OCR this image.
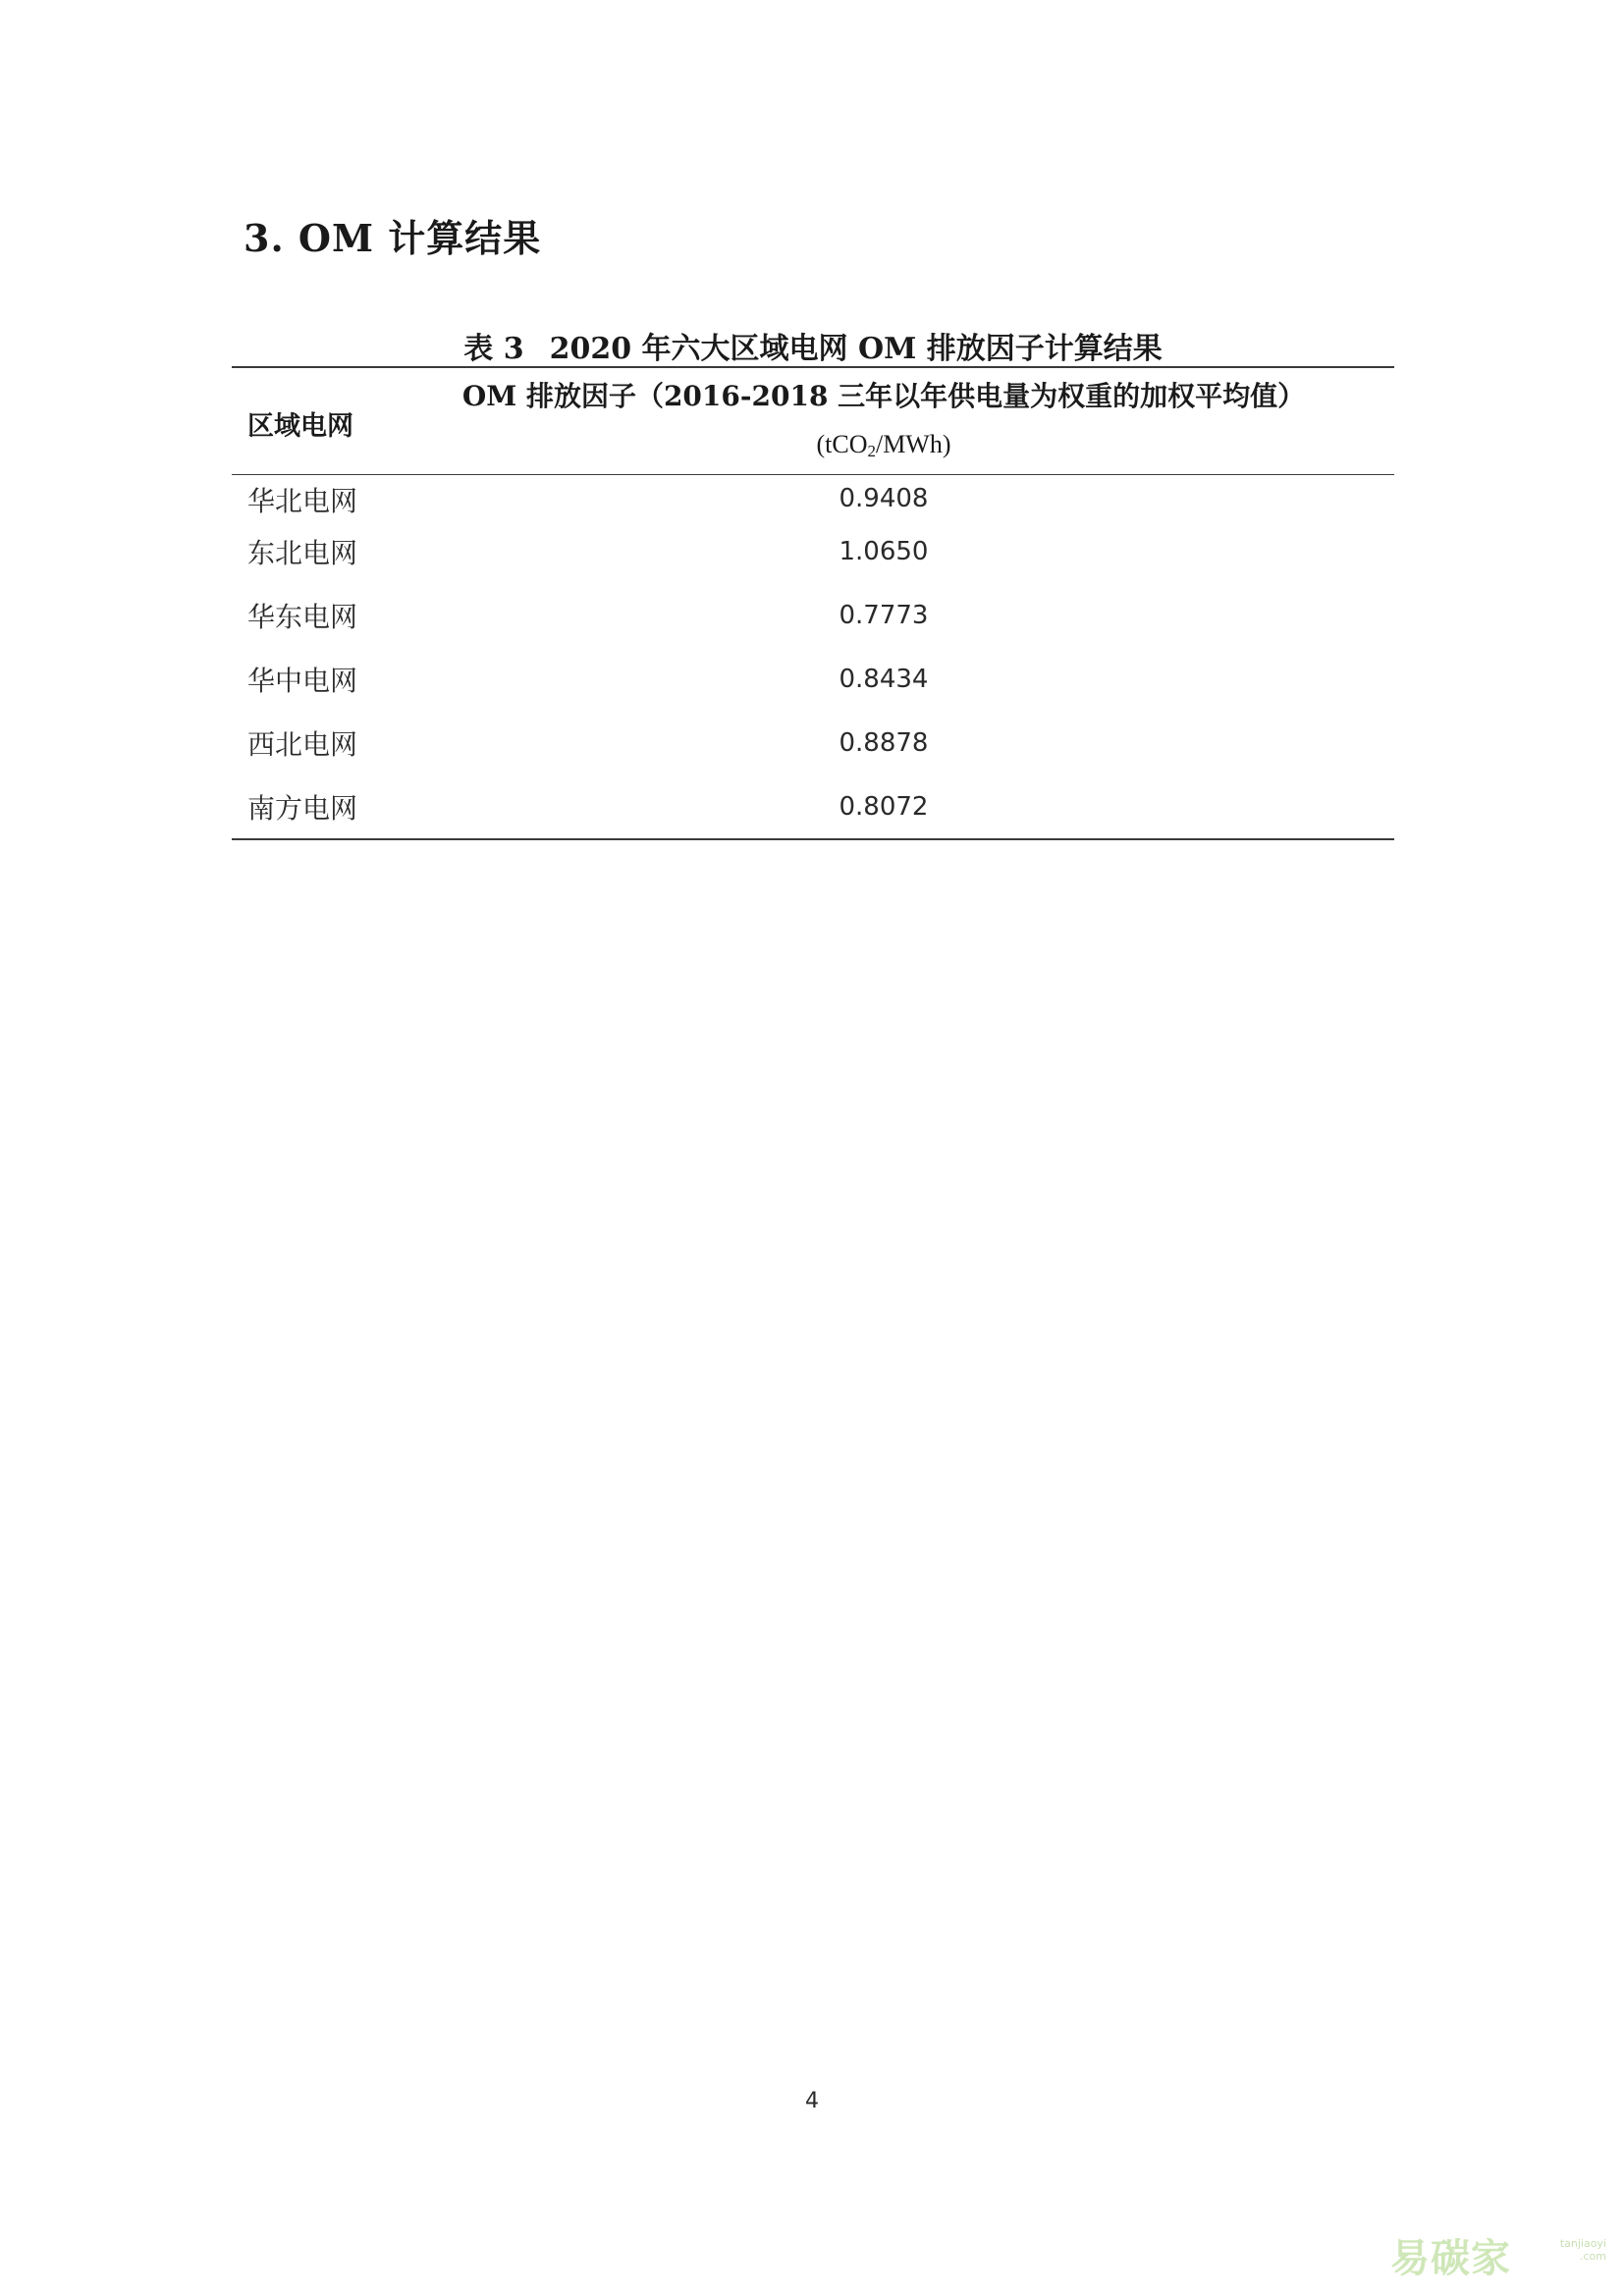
3. OM 计算结果
表 3 2020 年六大区域电网 OM 排放因子计算结果
区域电网
OM 排放因子（2016-2018 三年以年供电量为权重的加权平均值）
(tCO$_2$/MWh)
华北电网	0.9408
东北电网	1.0650
华东电网	0.7773
华中电网	0.8434
西北电网	0.8878
南方电网	0.8072
4
易碳家	tanjiaoyi .com
